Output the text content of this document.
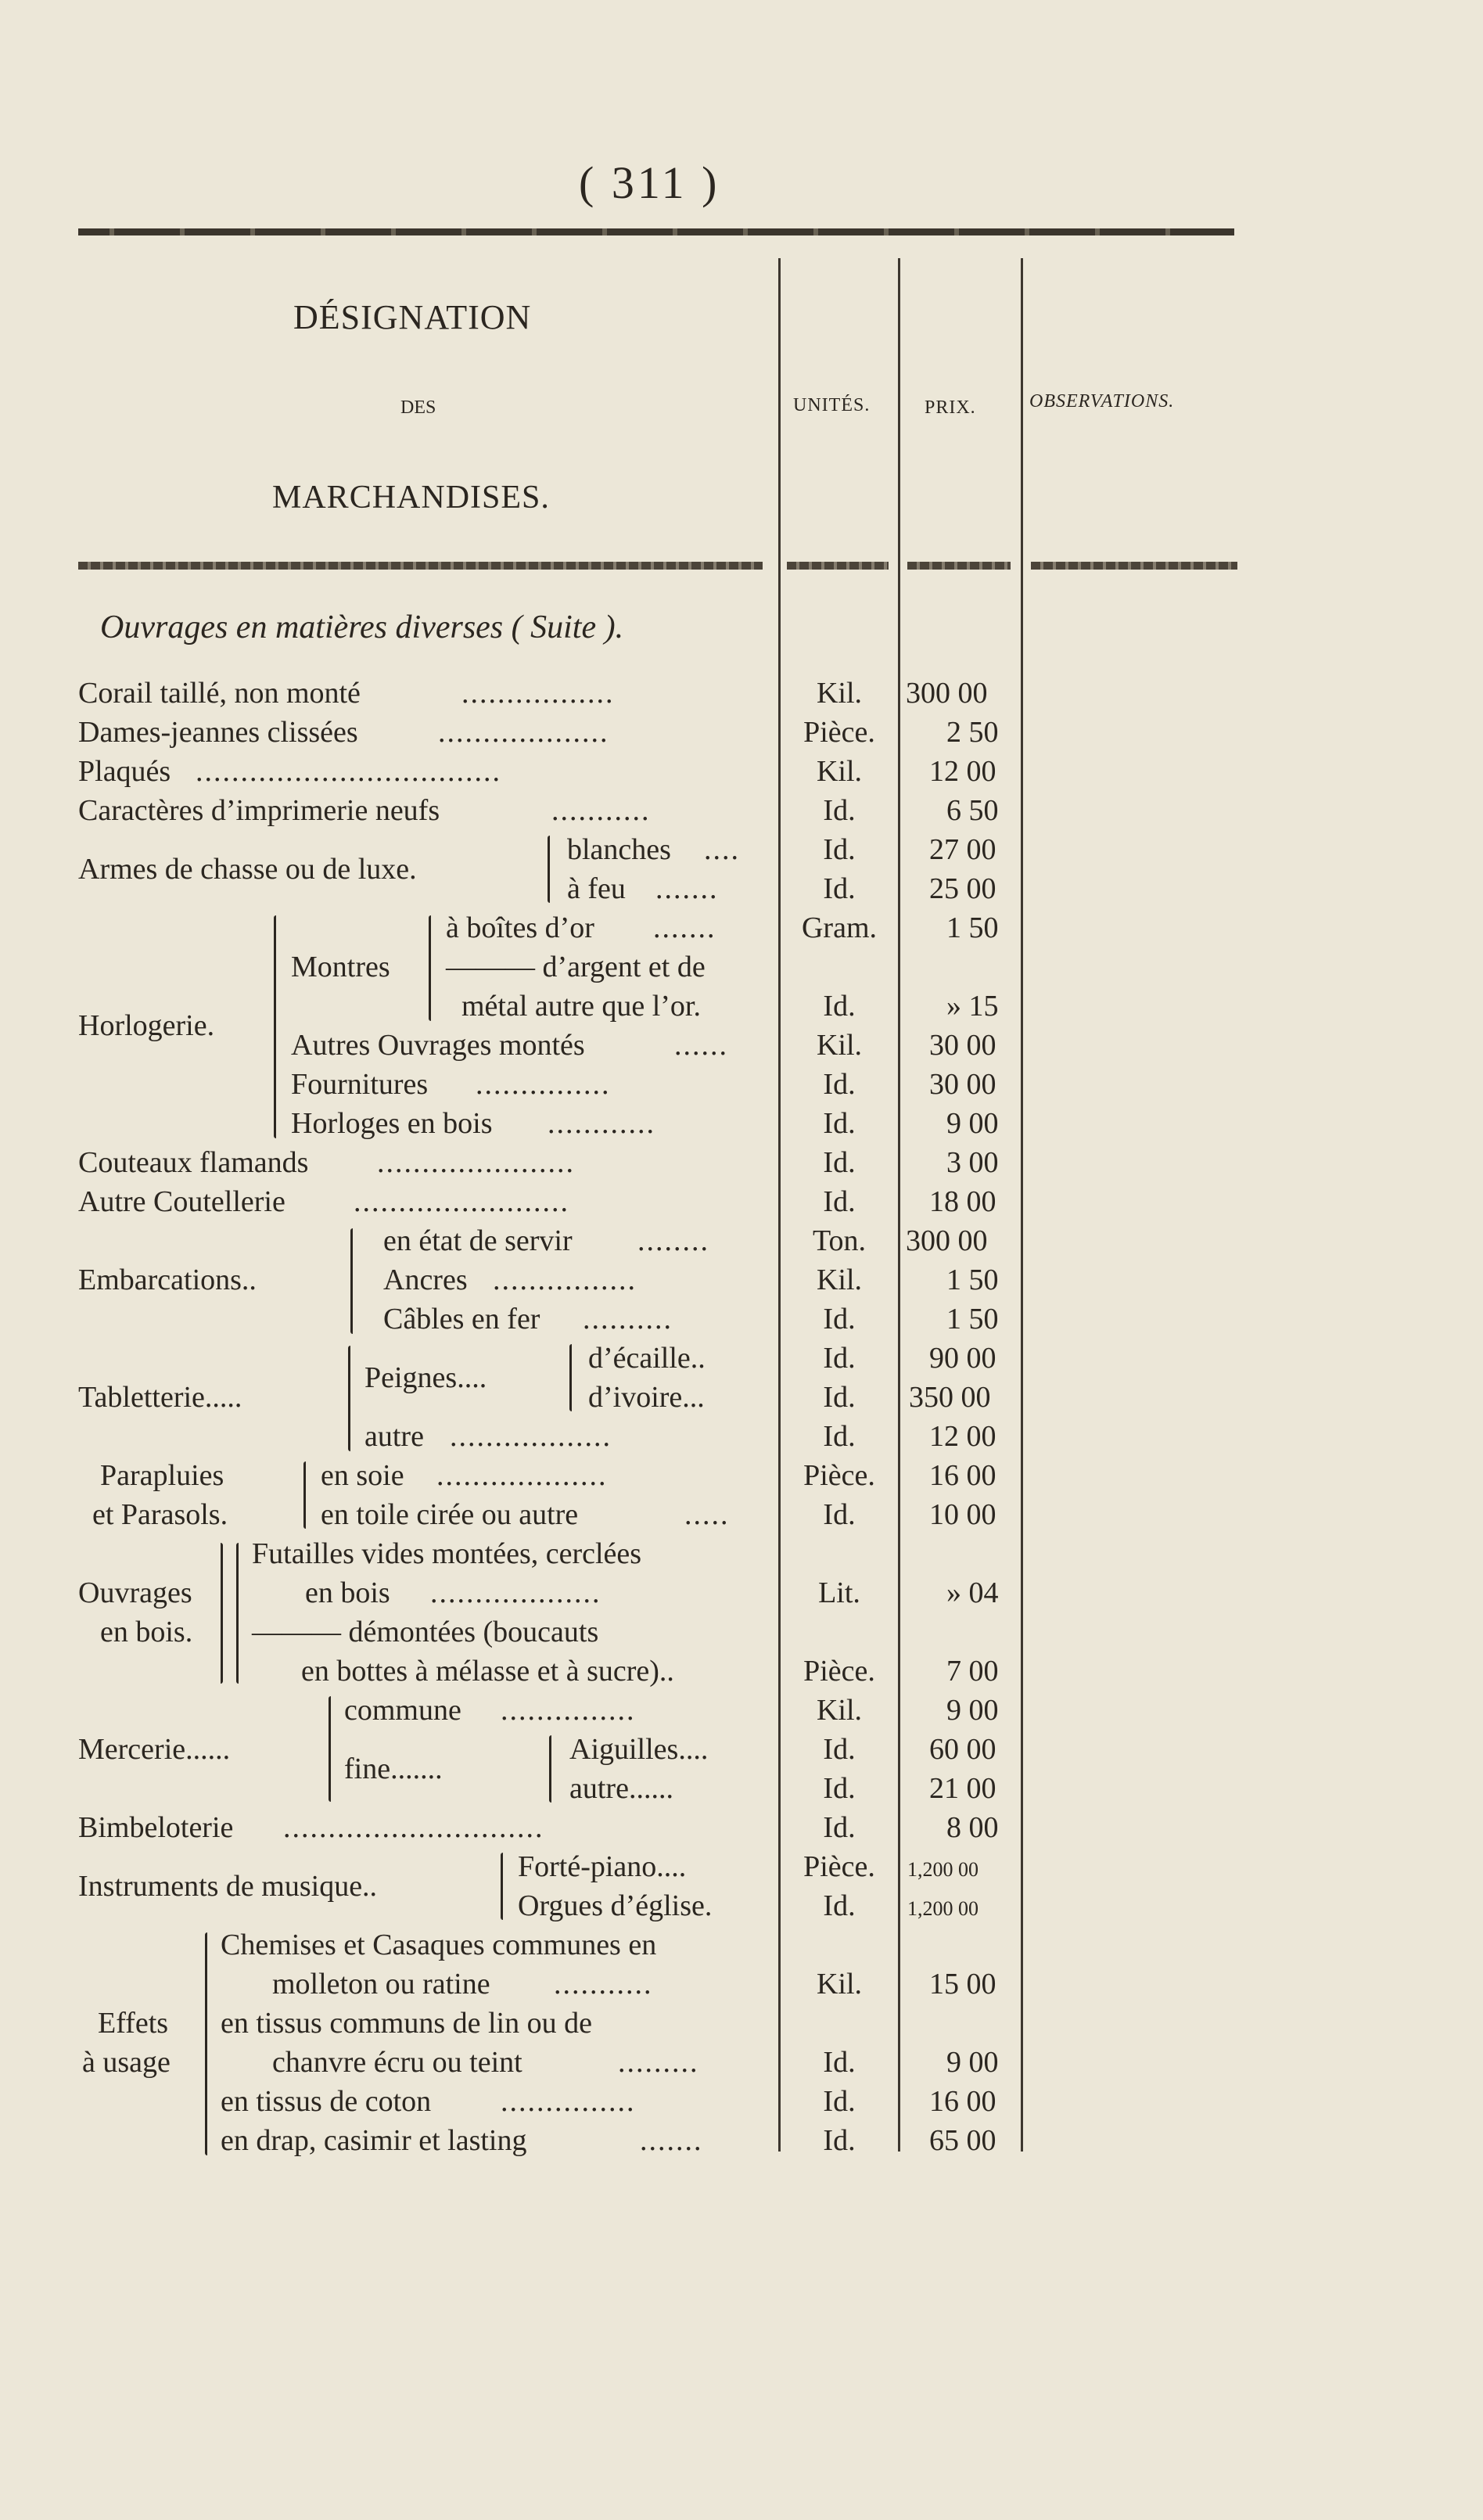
( 311 )
DÉSIGNATION
DES
MARCHANDISES.
UNITÉS.	PRIX.	OBSERVATIONS.
Ouvrages en matières diverses ( Suite ).
Corail taillé, non monté	.................	Kil.	300 00
Dames-jeannes clissées	...................	Pièce.	2 50
Plaqués ..................................	Kil.	12 00
Caractères d’imprimerie neufs	...........	Id.	6 50
Armes de chasse ou de luxe.
blanches ....	Id.	27 00
à feu .......	Id.	25 00
Horlogerie.
Montres
à boîtes d’or .......	Gram.	1 50
——— d’argent et de
métal autre que l’or.	Id.	» 15
Autres Ouvrages montés	......	Kil.	30 00
Fournitures ...............	Id.	30 00
Horloges en bois ............	Id.	9 00
Couteaux flamands ......................	Id.	3 00
Autre Coutellerie ........................	Id.	18 00
Embarcations..
en état de servir ........	Ton.	300 00
Ancres ................	Kil.	1 50
Câbles en fer ..........	Id.	1 50
Tabletterie.....
Peignes....
d’écaille..	Id.	90 00
d’ivoire...	Id.	350 00
autre ..................	Id.	12 00
Parapluies
et Parasols.
en soie ...................	Pièce.	16 00
en toile cirée ou autre	.....	Id.	10 00
Ouvrages
en bois.
Futailles vides montées, cerclées
en bois ...................	Lit.	» 04
——— démontées (boucauts
en bottes à mélasse et à sucre)..	Pièce.	7 00
Mercerie......
commune ...............	Kil.	9 00
fine.......
Aiguilles....	Id.	60 00
autre......	Id.	21 00
Bimbeloterie .............................	Id.	8 00
Instruments de musique..
Forté-piano....	Pièce.	1,200 00
Orgues d’église.	Id.	1,200 00
Effets
à usage
Chemises et Casaques communes en
molleton ou ratine ...........	Kil.	15 00
en tissus communs de lin ou de
chanvre écru ou teint	.........	Id.	9 00
en tissus de coton ...............	Id.	16 00
en drap, casimir et lasting	.......	Id.	65 00
